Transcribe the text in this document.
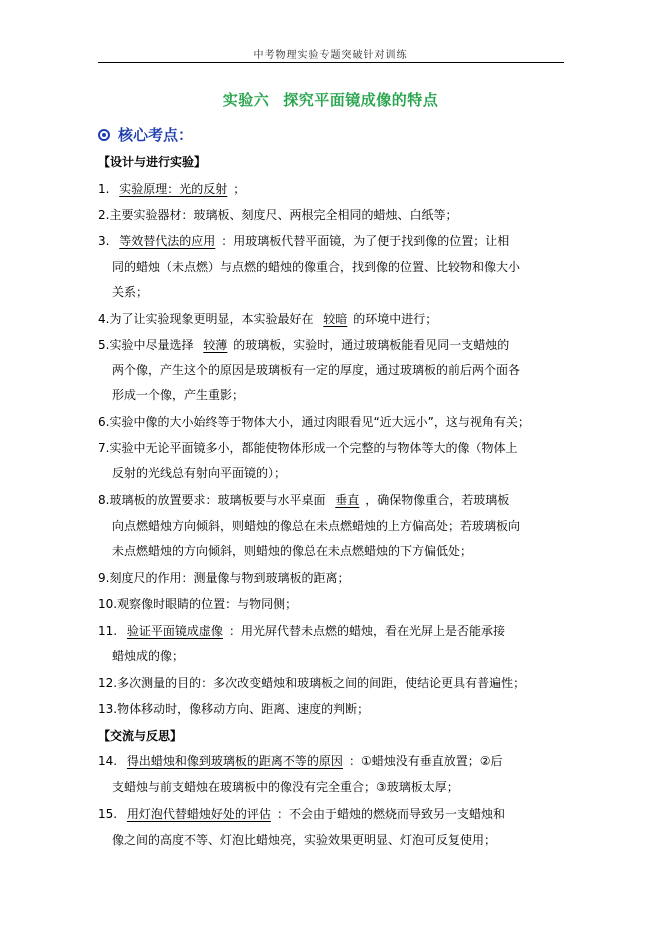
中考物理实验专题突破针对训练
实验六 探究平面镜成像的特点
核心考点：
【设计与进行实验】
1. 实验原理：光的反射 ；
2.主要实验器材：玻璃板、刻度尺、两根完全相同的蜡烛、白纸等；
3. 等效替代法的应用 ：用玻璃板代替平面镜，为了便于找到像的位置；让相
同的蜡烛（未点燃）与点燃的蜡烛的像重合，找到像的位置、比较物和像大小
关系；
4.为了让实验现象更明显，本实验最好在 较暗 的环境中进行；
5.实验中尽量选择 较薄 的玻璃板，实验时，通过玻璃板能看见同一支蜡烛的
两个像，产生这个的原因是玻璃板有一定的厚度，通过玻璃板的前后两个面各
形成一个像，产生重影；
6.实验中像的大小始终等于物体大小，通过肉眼看见“近大远小”，这与视角有关；
7.实验中无论平面镜多小，都能使物体形成一个完整的与物体等大的像（物体上
反射的光线总有射向平面镜的）；
8.玻璃板的放置要求：玻璃板要与水平桌面 垂直 ，确保物像重合，若玻璃板
向点燃蜡烛方向倾斜，则蜡烛的像总在未点燃蜡烛的上方偏高处；若玻璃板向
未点燃蜡烛的方向倾斜，则蜡烛的像总在未点燃蜡烛的下方偏低处；
9.刻度尺的作用：测量像与物到玻璃板的距离；
10.观察像时眼睛的位置：与物同侧；
11. 验证平面镜成虚像 ：用光屏代替未点燃的蜡烛，看在光屏上是否能承接
蜡烛成的像；
12.多次测量的目的：多次改变蜡烛和玻璃板之间的间距，使结论更具有普遍性；
13.物体移动时，像移动方向、距离、速度的判断；
【交流与反思】
14. 得出蜡烛和像到玻璃板的距离不等的原因 ：①蜡烛没有垂直放置；②后
支蜡烛与前支蜡烛在玻璃板中的像没有完全重合；③玻璃板太厚；
15. 用灯泡代替蜡烛好处的评估 ：不会由于蜡烛的燃烧而导致另一支蜡烛和
像之间的高度不等、灯泡比蜡烛亮，实验效果更明显、灯泡可反复使用；
